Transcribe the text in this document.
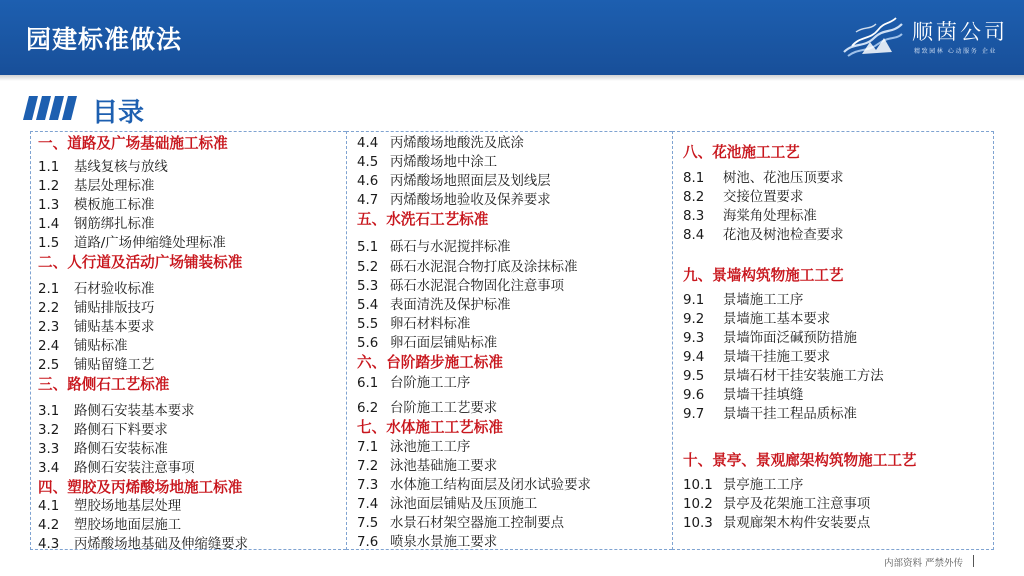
园建标准做法	顺茵公司
精致园林 心动服务 企业
目录
一、道路及广场基础施工标准
1.1 基线复核与放线
1.2 基层处理标准
1.3 模板施工标准
1.4 钢筋绑扎标准
1.5 道路/广场伸缩缝处理标准
二、人行道及活动广场铺装标准
2.1 石材验收标准
2.2 铺贴排版技巧
2.3 铺贴基本要求
2.4 铺贴标准
2.5 铺贴留缝工艺
三、路侧石工艺标准
3.1 路侧石安装基本要求
3.2 路侧石下料要求
3.3 路侧石安装标准
3.4 路侧石安装注意事项
四、塑胶及丙烯酸场地施工标准
4.1 塑胶场地基层处理
4.2 塑胶场地面层施工
4.3 丙烯酸场地基础及伸缩缝要求
4.4 丙烯酸场地酸洗及底涂
4.5 丙烯酸场地中涂工
4.6 丙烯酸场地照面层及划线层
4.7 丙烯酸场地验收及保养要求
五、水洗石工艺标准
5.1 砾石与水泥搅拌标准
5.2 砾石水泥混合物打底及涂抹标准
5.3 砾石水泥混合物固化注意事项
5.4 表面清洗及保护标准
5.5 卵石材料标准
5.6 卵石面层铺贴标准
六、台阶踏步施工标准
6.1 台阶施工工序
6.2 台阶施工工艺要求
七、水体施工工艺标准
7.1 泳池施工工序
7.2 泳池基础施工要求
7.3 水体施工结构面层及闭水试验要求
7.4 泳池面层铺贴及压顶施工
7.5 水景石材架空器施工控制要点
7.6 喷泉水景施工要求
八、花池施工工艺
8.1 树池、花池压顶要求
8.2 交接位置要求
8.3 海棠角处理标准
8.4 花池及树池检查要求
九、景墙构筑物施工工艺
9.1 景墙施工工序
9.2 景墙施工基本要求
9.3 景墙饰面泛碱预防措施
9.4 景墙干挂施工要求
9.5 景墙石材干挂安装施工方法
9.6 景墙干挂填缝
9.7 景墙干挂工程品质标准
十、景亭、景观廊架构筑物施工工艺
10.1 景亭施工工序
10.2 景亭及花架施工注意事项
10.3 景观廊架木构件安装要点
内部资料 严禁外传
